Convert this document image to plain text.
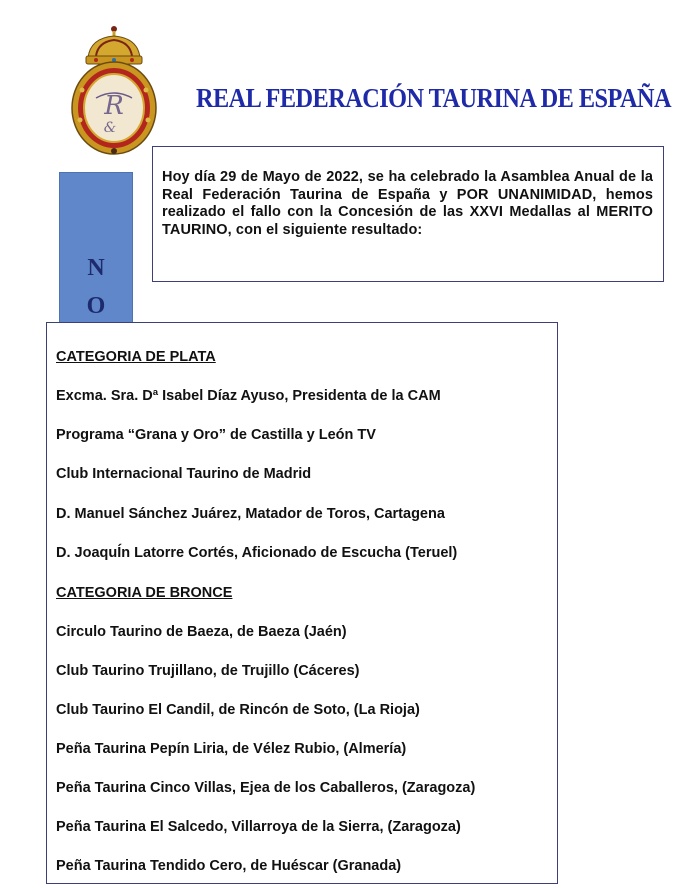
R
&
REAL FEDERACIÓN TAURINA DE ESPAÑA
N
O

Hoy día 29 de Mayo de 2022, se ha celebrado la Asamblea Anual de la Real Federación Taurina de España y POR UNANIMIDAD, hemos realizado el fallo con la Concesión de las XXVI Medallas al MERITO TAURINO, con el siguiente resultado:

CATEGORIA DE PLATA
Excma. Sra. Dª Isabel Díaz Ayuso, Presidenta de la CAM
Programa “Grana y Oro” de Castilla y León TV
Club Internacional Taurino de Madrid
D. Manuel Sánchez Juárez, Matador de Toros, Cartagena
D. JoaquÍn Latorre Cortés, Aficionado de Escucha (Teruel)
CATEGORIA DE BRONCE
Circulo Taurino de Baeza, de Baeza (Jaén)
Club Taurino Trujillano, de Trujillo (Cáceres)
Club Taurino El Candil, de Rincón de Soto, (La Rioja)
Peña Taurina Pepín Liria, de Vélez Rubio, (Almería)
Peña Taurina Cinco Villas, Ejea de los Caballeros, (Zaragoza)
Peña Taurina El Salcedo, Villarroya de la Sierra, (Zaragoza)
Peña Taurina Tendido Cero, de Huéscar (Granada)
